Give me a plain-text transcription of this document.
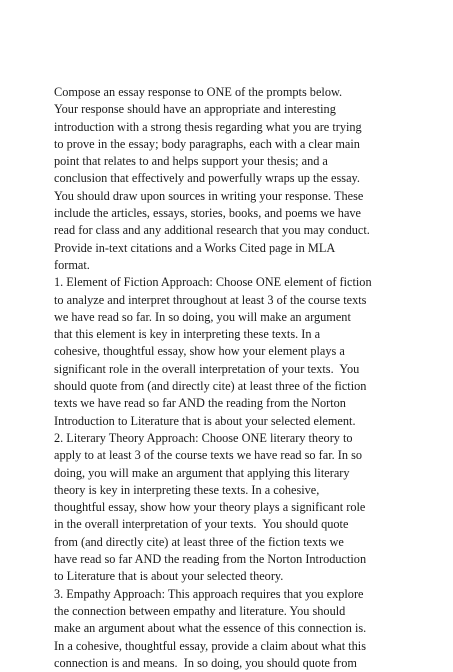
Compose an essay response to ONE of the prompts below.
Your response should have an appropriate and interesting
introduction with a strong thesis regarding what you are trying
to prove in the essay; body paragraphs, each with a clear main
point that relates to and helps support your thesis; and a
conclusion that effectively and powerfully wraps up the essay.
You should draw upon sources in writing your response. These
include the articles, essays, stories, books, and poems we have
read for class and any additional research that you may conduct.
Provide in-text citations and a Works Cited page in MLA
format.
1. Element of Fiction Approach: Choose ONE element of fiction
to analyze and interpret throughout at least 3 of the course texts
we have read so far. In so doing, you will make an argument
that this element is key in interpreting these texts. In a
cohesive, thoughtful essay, show how your element plays a
significant role in the overall interpretation of your texts.  You
should quote from (and directly cite) at least three of the fiction
texts we have read so far AND the reading from the Norton
Introduction to Literature that is about your selected element.
2. Literary Theory Approach: Choose ONE literary theory to
apply to at least 3 of the course texts we have read so far. In so
doing, you will make an argument that applying this literary
theory is key in interpreting these texts. In a cohesive,
thoughtful essay, show how your theory plays a significant role
in the overall interpretation of your texts.  You should quote
from (and directly cite) at least three of the fiction texts we
have read so far AND the reading from the Norton Introduction
to Literature that is about your selected theory.
3. Empathy Approach: This approach requires that you explore
the connection between empathy and literature. You should
make an argument about what the essence of this connection is.
In a cohesive, thoughtful essay, provide a claim about what this
connection is and means.  In so doing, you should quote from
